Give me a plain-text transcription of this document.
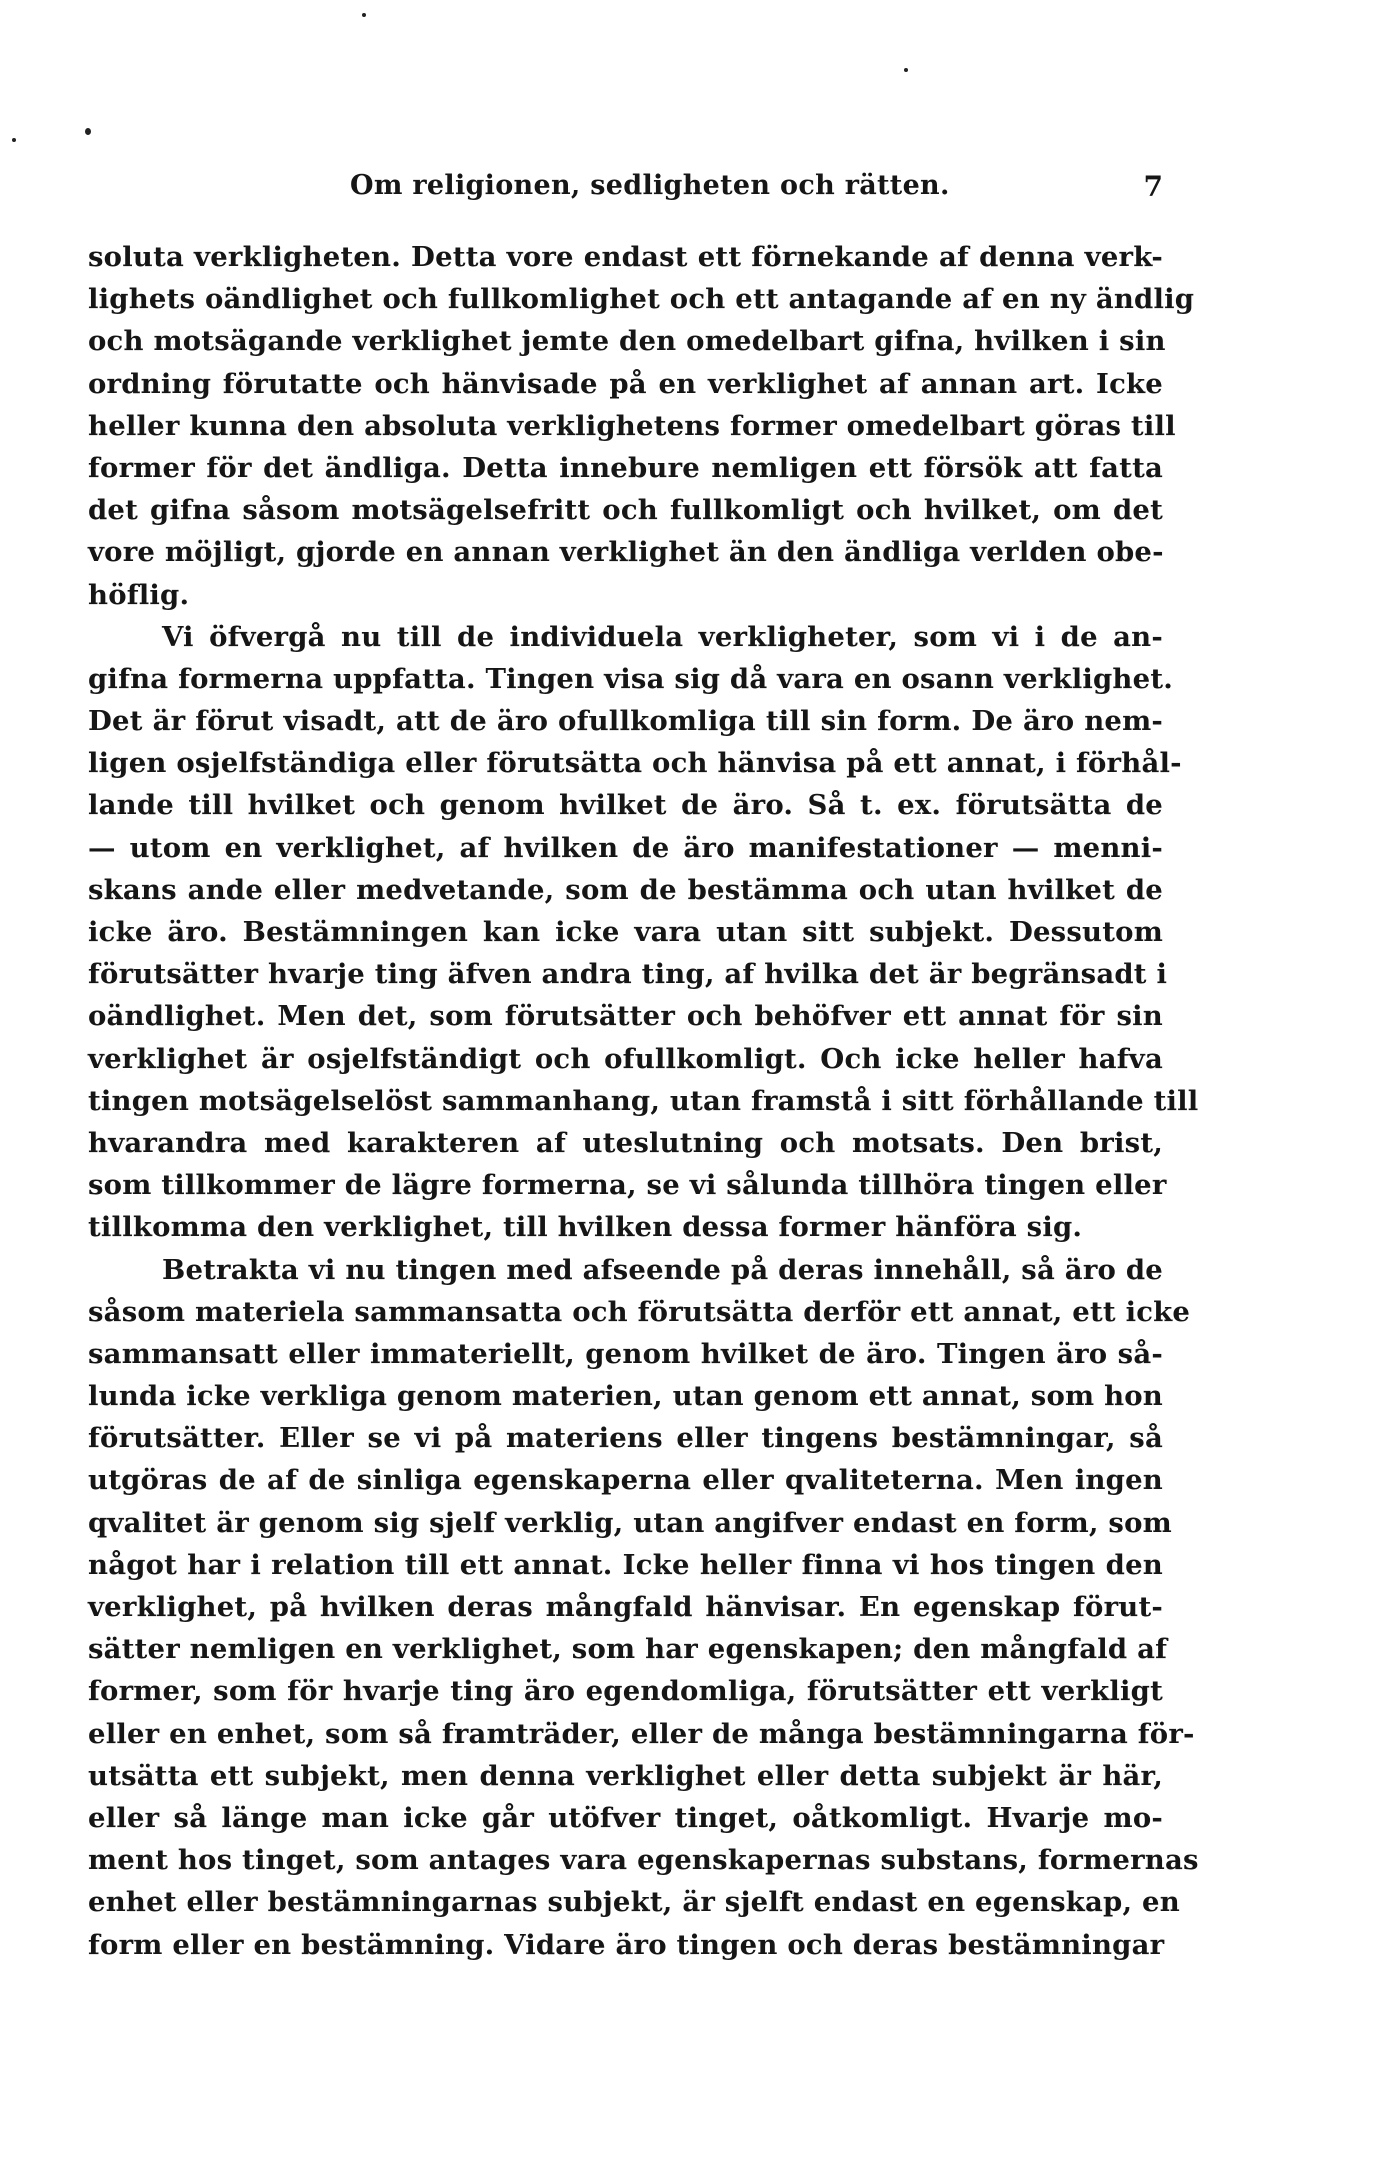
Om religionen, sedligheten och rätten.	7
soluta verkligheten. Detta vore endast ett förnekande af denna verk-
lighets oändlighet och fullkomlighet och ett antagande af en ny ändlig
och motsägande verklighet jemte den omedelbart gifna, hvilken i sin
ordning förutatte och hänvisade på en verklighet af annan art. Icke
heller kunna den absoluta verklighetens former omedelbart göras till
former för det ändliga. Detta innebure nemligen ett försök att fatta
det gifna såsom motsägelsefritt och fullkomligt och hvilket, om det
vore möjligt, gjorde en annan verklighet än den ändliga verlden obe-
höflig.
Vi öfvergå nu till de individuela verkligheter, som vi i de an-
gifna formerna uppfatta. Tingen visa sig då vara en osann verklighet.
Det är förut visadt, att de äro ofullkomliga till sin form. De äro nem-
ligen osjelfständiga eller förutsätta och hänvisa på ett annat, i förhål-
lande till hvilket och genom hvilket de äro. Så t. ex. förutsätta de
— utom en verklighet, af hvilken de äro manifestationer — menni-
skans ande eller medvetande, som de bestämma och utan hvilket de
icke äro. Bestämningen kan icke vara utan sitt subjekt. Dessutom
förutsätter hvarje ting äfven andra ting, af hvilka det är begränsadt i
oändlighet. Men det, som förutsätter och behöfver ett annat för sin
verklighet är osjelfständigt och ofullkomligt. Och icke heller hafva
tingen motsägelselöst sammanhang, utan framstå i sitt förhållande till
hvarandra med karakteren af uteslutning och motsats. Den brist,
som tillkommer de lägre formerna, se vi sålunda tillhöra tingen eller
tillkomma den verklighet, till hvilken dessa former hänföra sig.
Betrakta vi nu tingen med afseende på deras innehåll, så äro de
såsom materiela sammansatta och förutsätta derför ett annat, ett icke
sammansatt eller immateriellt, genom hvilket de äro. Tingen äro så-
lunda icke verkliga genom materien, utan genom ett annat, som hon
förutsätter. Eller se vi på materiens eller tingens bestämningar, så
utgöras de af de sinliga egenskaperna eller qvaliteterna. Men ingen
qvalitet är genom sig sjelf verklig, utan angifver endast en form, som
något har i relation till ett annat. Icke heller finna vi hos tingen den
verklighet, på hvilken deras mångfald hänvisar. En egenskap förut-
sätter nemligen en verklighet, som har egenskapen; den mångfald af
former, som för hvarje ting äro egendomliga, förutsätter ett verkligt
eller en enhet, som så framträder, eller de många bestämningarna för-
utsätta ett subjekt, men denna verklighet eller detta subjekt är här,
eller så länge man icke går utöfver tinget, oåtkomligt. Hvarje mo-
ment hos tinget, som antages vara egenskapernas substans, formernas
enhet eller bestämningarnas subjekt, är sjelft endast en egenskap, en
form eller en bestämning. Vidare äro tingen och deras bestämningar
